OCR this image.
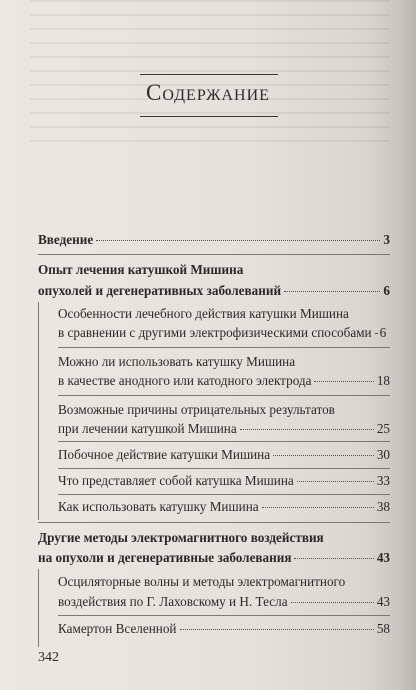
Содержание
Введение	3
Опыт лечения катушкой Мишина
опухолей и дегенеративных заболеваний	6
Особенности лечебного действия катушки Мишина
в сравнении с другими электрофизическими способами 6
Можно ли использовать катушку Мишина
в качестве анодного или катодного электрода	18
Возможные причины отрицательных результатов
при лечении катушкой Мишина	25
Побочное действие катушки Мишина	30
Что представляет собой катушка Мишина	33
Как использовать катушку Мишина	38
Другие методы электромагнитного воздействия
на опухоли и дегенеративные заболевания	43
Осциляторные волны и методы электромагнитного
воздействия по Г. Лаховскому и Н. Тесла	43
Камертон Вселенной	58
342
